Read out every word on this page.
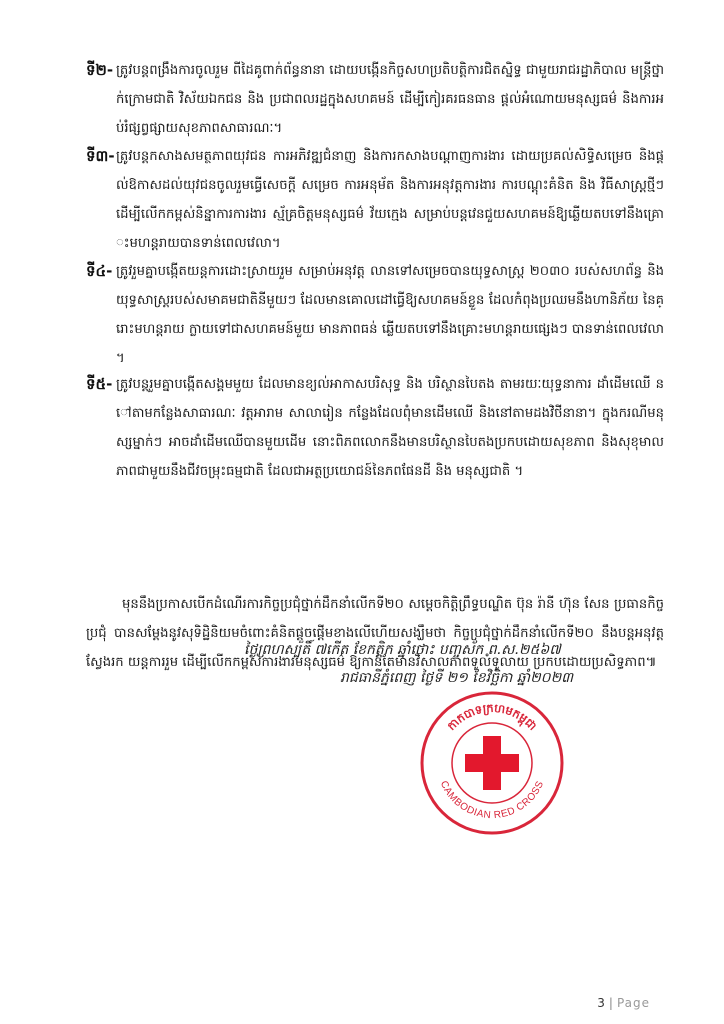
ទី២- ត្រូវបន្តពង្រឹងការចូលរួម ពីដៃគូពាក់ព័ន្ធនានា ដោយបង្កើនកិច្ចសហប្រតិបត្តិការជិតស្និទ្ធ ជាមួយរាជរដ្ឋាភិបាល មន្ត្រីថ្នាក់ក្រោមជាតិ វិស័យឯកជន និង ប្រជាពលរដ្ឋក្នុងសហគមន៍ ដើម្បីកៀរគរធនធាន ផ្តល់អំណោយមនុស្សធម៌ និងការអប់រំផ្សព្វផ្សាយសុខភាពសាធារណៈ។
ទី៣- ត្រូវបន្តកសាងសមត្ថភាពយុវជន ការអភិវឌ្ឍជំនាញ និងការកសាងបណ្តាញការងារ ដោយប្រគល់សិទ្ធិសម្រេច និងផ្តល់ឱកាសដល់យុវជនចូលរួមធ្វើសេចក្តី សម្រេច ការអនុម័ត និងការអនុវត្តការងារ ការបណ្តុះគំនិត និង វិធីសាស្ត្រថ្មីៗ ដើម្បីលើកកម្ពស់និន្នាការការងារ ស្ម័គ្រចិត្តមនុស្សធម៌ វ័យក្មេង សម្រាប់បន្តវេនជួយសហគមន៍ឱ្យឆ្លើយតបទៅនឹងគ្រោះមហន្តរាយបានទាន់ពេលវេលា។
ទី៤- ត្រូវរួមគ្នាបង្កើតយន្តការដោះស្រាយរួម សម្រាប់អនុវត្ត លានទៅសម្រេចបានយុទ្ធសាស្ត្រ ២០៣០ របស់សហព័ន្ធ និងយុទ្ធសាស្ត្ររបស់សមាគមជាតិនីមួយៗ ដែលមានគោលដៅធ្វើឱ្យសហគមន៍ខ្លួន ដែលកំពុងប្រឈមនឹងហានិភ័យ នៃគ្រោះមហន្តរាយ ក្លាយទៅជាសហគមន៍មួយ មានភាពធន់ ឆ្លើយតបទៅនឹងគ្រោះមហន្តរាយផ្សេងៗ បានទាន់ពេលវេលា។
ទី៥- ត្រូវបន្តរួមគ្នាបង្កើតសង្គមមួយ ដែលមានខ្យល់អាកាសបរិសុទ្ធ និង បរិស្ថានបៃតង តាមរយៈយុទ្ធនាការ ដាំដើមឈើ នៅតាមកន្លែងសាធារណៈ វត្តអារាម សាលារៀន កន្លែងដែលពុំមានដើមឈើ និងនៅតាមដងវិថីនានា។ ក្នុងករណីមនុស្សម្នាក់ៗ អាចដាំដើមឈើបានមួយដើម នោះពិភពលោកនឹងមានបរិស្ថានបៃតងប្រកបដោយសុខភាព និងសុខុមាលភាពជាមួយនឹងជីវចម្រុះធម្មជាតិ ដែលជាអត្ថប្រយោជន៍នៃភពផែនដី និង មនុស្សជាតិ ។
មុននឹងប្រកាសបើកដំណើរការកិច្ចប្រជុំថ្នាក់ដឹកនាំលើកទី២០ សម្តេចកិត្តិព្រឹទ្ធបណ្ឌិត ប៊ុន រ៉ានី ហ៊ុន សែន ប្រធានកិច្ចប្រជុំ បានសម្តែងនូវសុទិដ្ឋិនិយមចំពោះគំនិតផ្តួចផ្តើមខាងលើហើយសង្ឃឹមថា កិច្ចប្រជុំថ្នាក់ដឹកនាំលើកទី២០ នឹងបន្តអនុវត្តស្វែងរក យន្តការរួម ដើម្បីលើកកម្ពស់ការងារមនុស្សធម៌ ឱ្យកាន់តែមានវិសាលភាពទូលំទូលាយ ប្រកបដោយប្រសិទ្ធភាព៕
ថ្ងៃព្រហស្បតិ៍ ៧កើត ខែកត្តិក ឆ្នាំថោះ បញ្ចស័ក ព.ស.២៥៦៧
រាជធានីភ្នំពេញ ថ្ងៃទី ២១ ខែវិច្ឆិកា ឆ្នាំ២០២៣
កាកបាទក្រហមកម្ពុជា
CAMBODIAN RED CROSS
3 | Page
